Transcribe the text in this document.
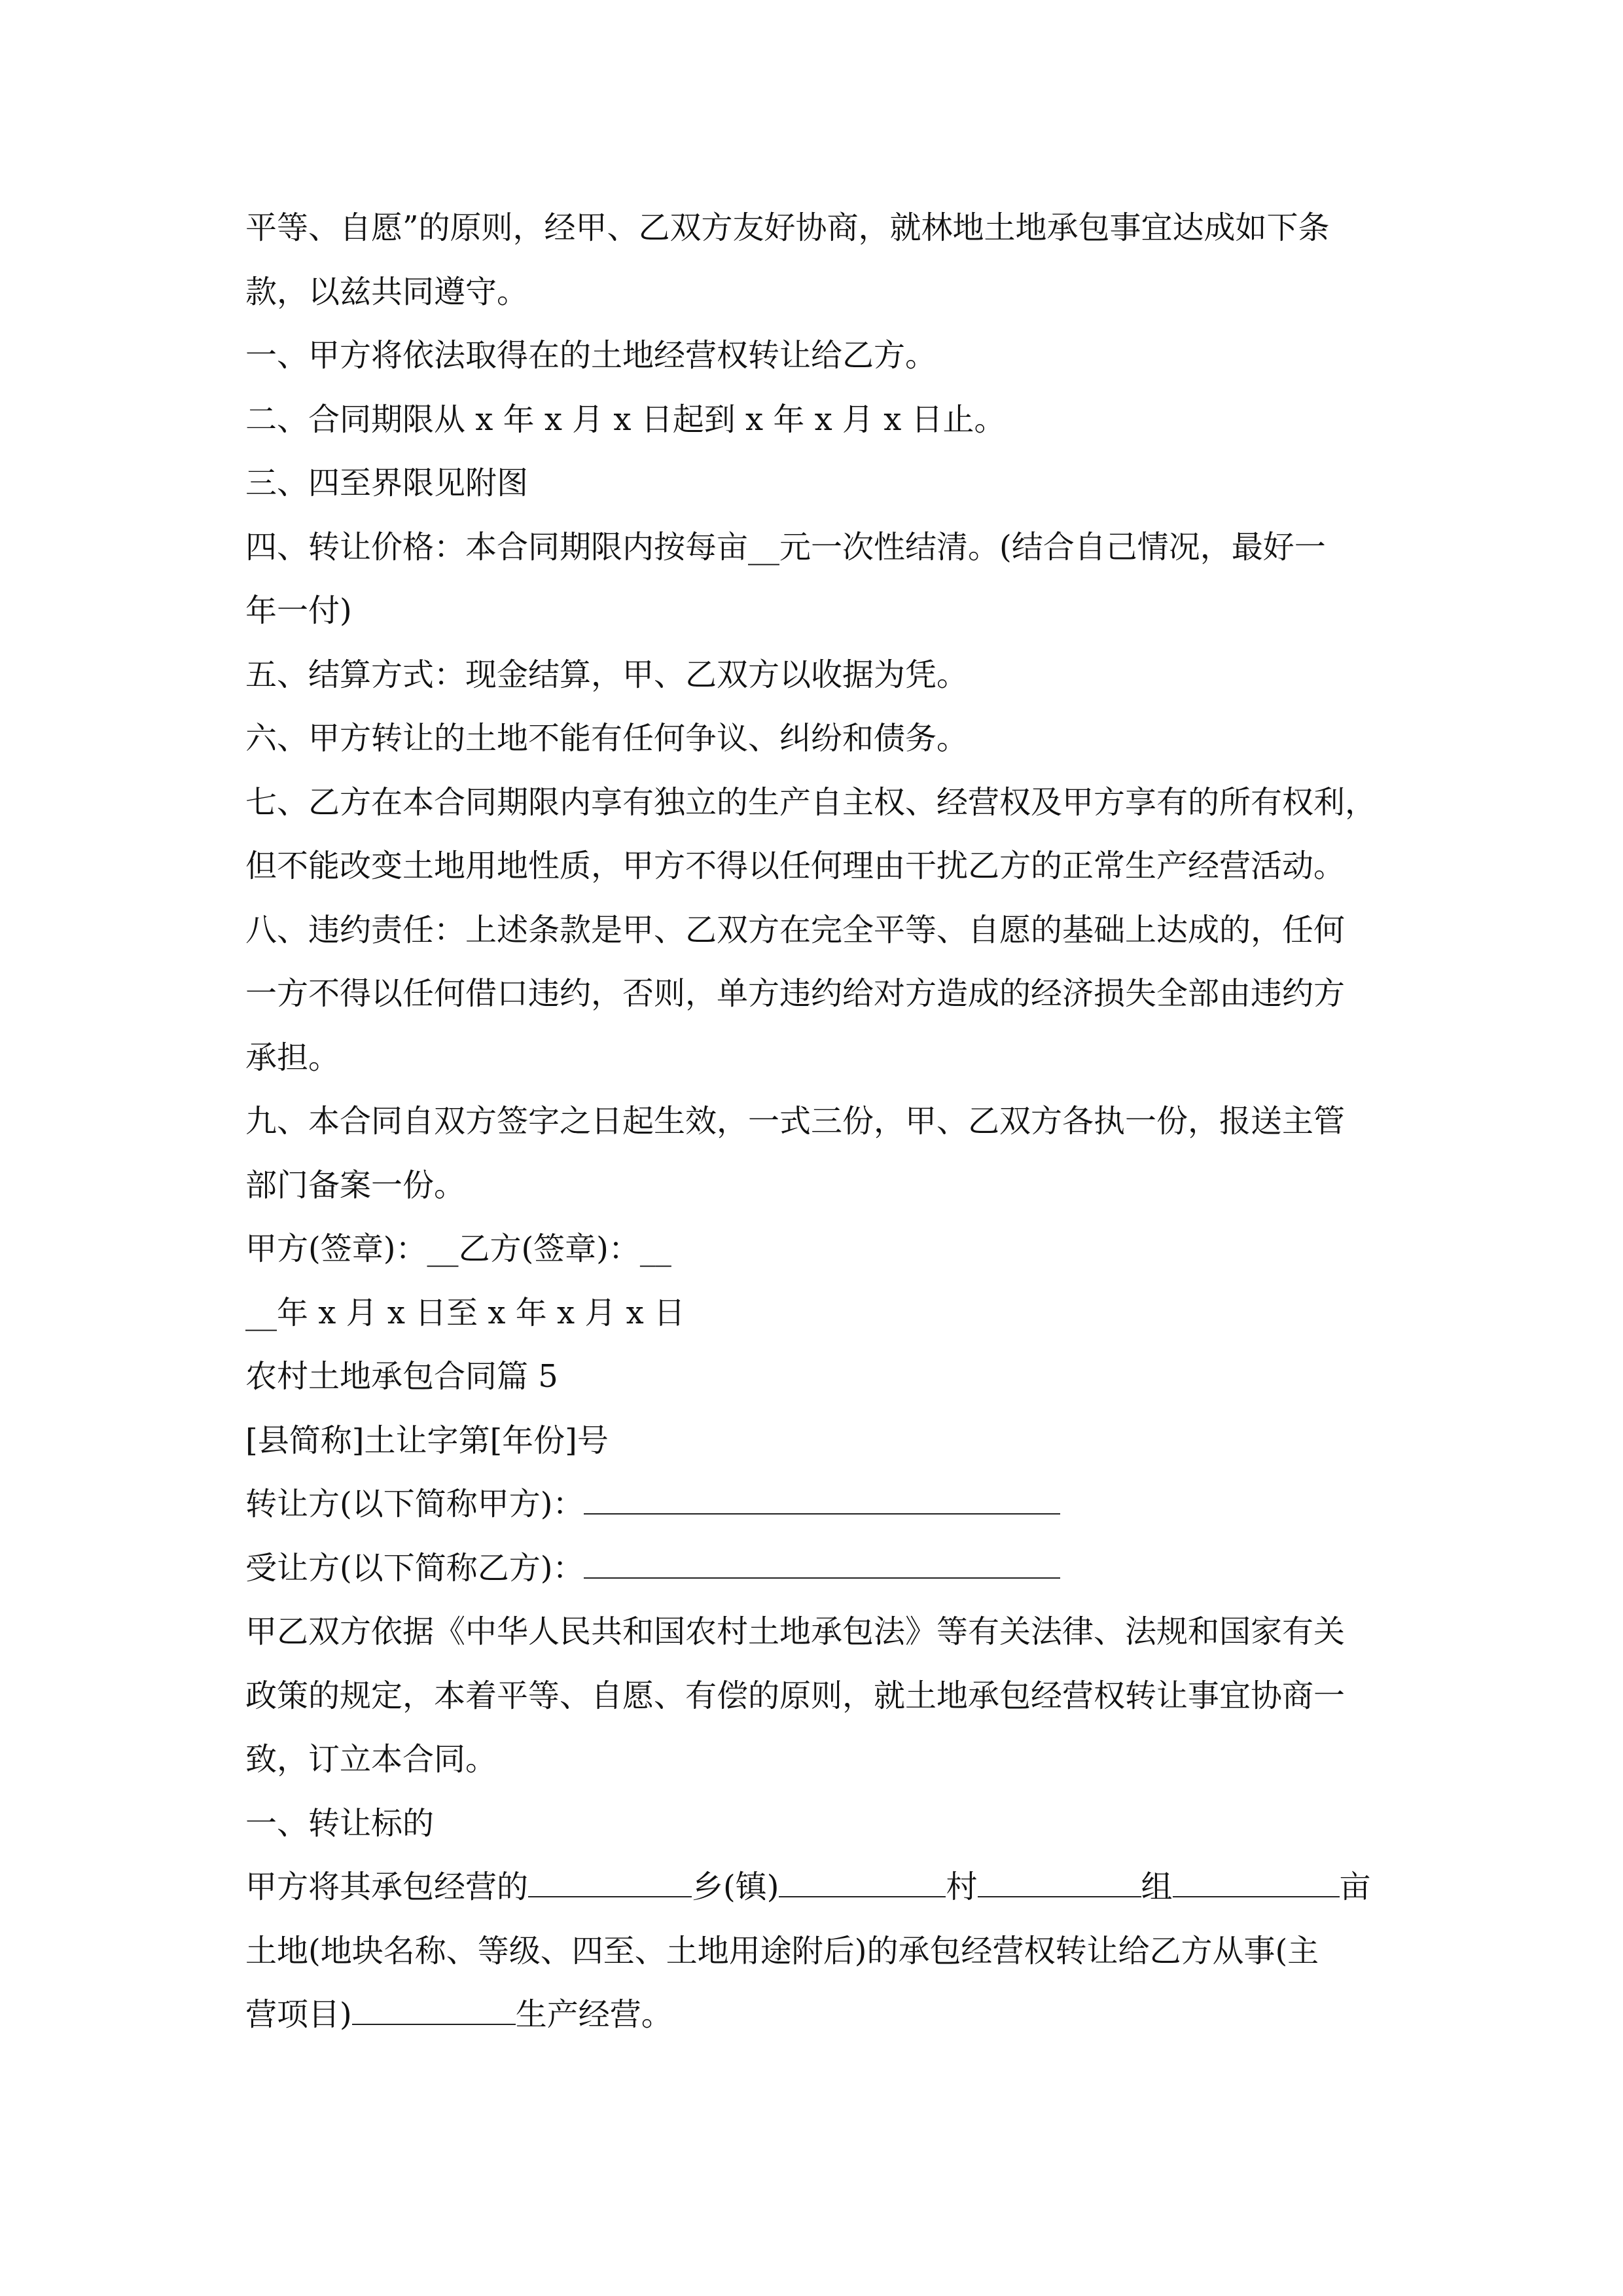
平等、自愿”的原则，经甲、乙双方友好协商，就林地土地承包事宜达成如下条
款，以兹共同遵守。
一、甲方将依法取得在的土地经营权转让给乙方。
二、合同期限从 x 年 x 月 x 日起到 x 年 x 月 x 日止。
三、四至界限见附图
四、转让价格：本合同期限内按每亩__元一次性结清。(结合自己情况，最好一
年一付)
五、结算方式：现金结算，甲、乙双方以收据为凭。
六、甲方转让的土地不能有任何争议、纠纷和债务。
七、乙方在本合同期限内享有独立的生产自主权、经营权及甲方享有的所有权利，
但不能改变土地用地性质，甲方不得以任何理由干扰乙方的正常生产经营活动。
八、违约责任：上述条款是甲、乙双方在完全平等、自愿的基础上达成的，任何
一方不得以任何借口违约，否则，单方违约给对方造成的经济损失全部由违约方
承担。
九、本合同自双方签字之日起生效，一式三份，甲、乙双方各执一份，报送主管
部门备案一份。
甲方(签章)：__乙方(签章)：__
__年 x 月 x 日至 x 年 x 月 x 日
农村土地承包合同篇 5
[县简称]土让字第[年份]号
转让方(以下简称甲方)：
受让方(以下简称乙方)：
甲乙双方依据《中华人民共和国农村土地承包法》等有关法律、法规和国家有关
政策的规定，本着平等、自愿、有偿的原则，就土地承包经营权转让事宜协商一
致，订立本合同。
一、转让标的
甲方将其承包经营的	乡(镇)	村	组	亩
土地(地块名称、等级、四至、土地用途附后)的承包经营权转让给乙方从事(主
营项目)	生产经营。
